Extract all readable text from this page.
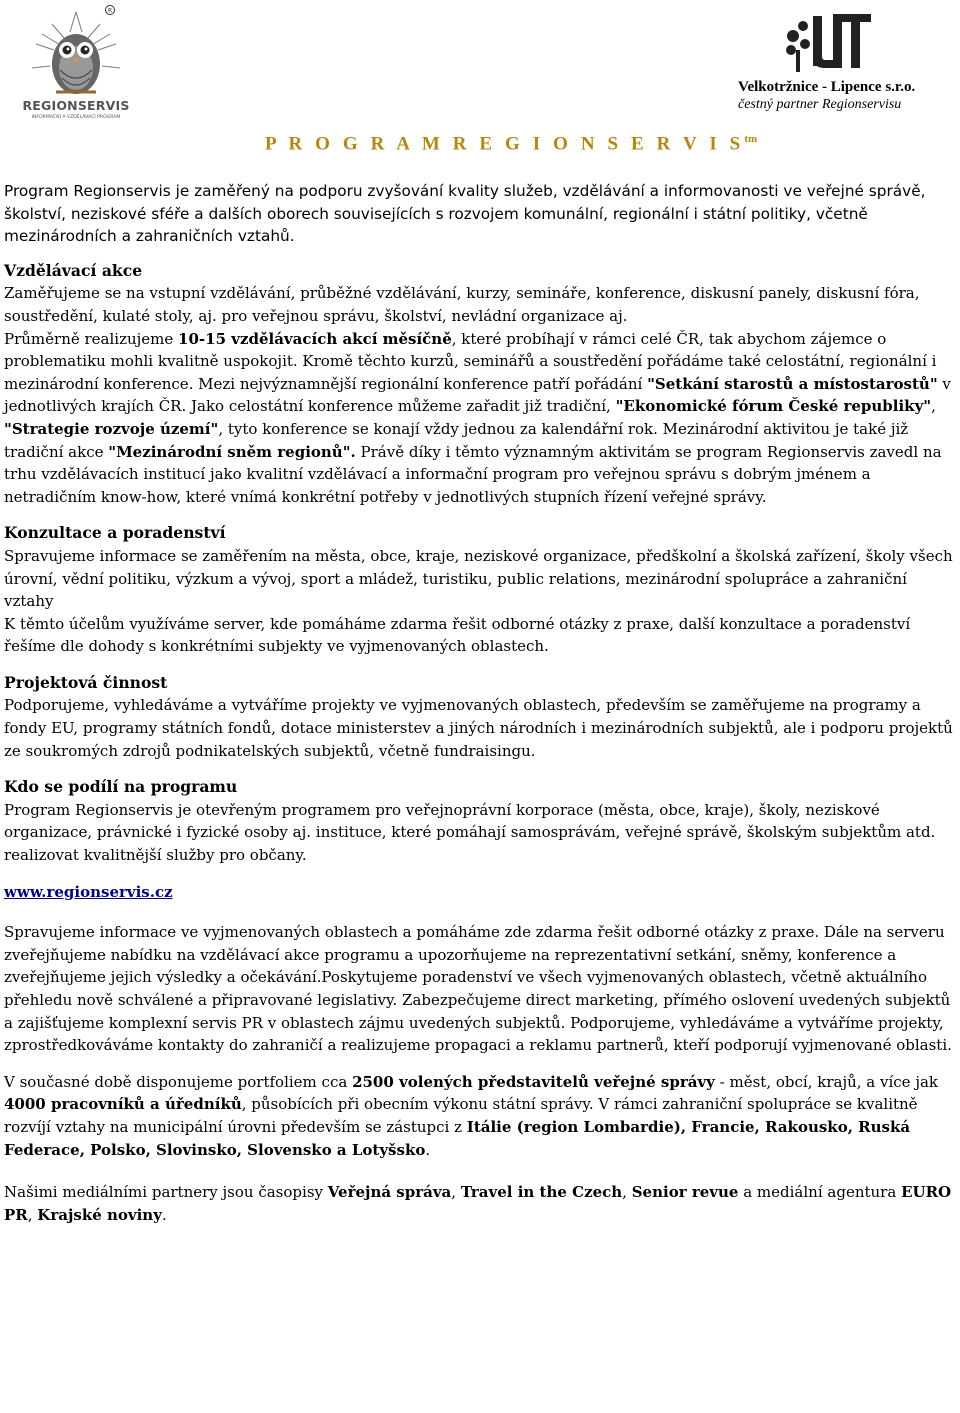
R
REGIONSERVIS
INFORMAČNÍ A VZDĚLÁVACÍ PROGRAM
VLT
Velkotržnice - Lipence s.r.o.
čestný partner Regionservisu
P R O G R A M R E G I O N S E R V I $S^{tm}$

Program Regionservis je zaměřený na podporu zvyšování kvality služeb, vzdělávání a informovanosti ve veřejné správě, školství, neziskové sféře a dalších oborech souvisejících s rozvojem komunální, regionální i státní politiky, včetně mezinárodních a zahraničních vztahů.

Vzdělávací akce

Zaměřujeme se na vstupní vzdělávání, průběžné vzdělávání, kurzy, semináře, konference, diskusní panely, diskusní fóra, soustředění, kulaté stoly, aj. pro veřejnou správu, školství, nevládní organizace aj.

Průměrně realizujeme 10-15 vzdělávacích akcí měsíčně, které probíhají v rámci celé ČR, tak abychom zájemce o problematiku mohli kvalitně uspokojit. Kromě těchto kurzů, seminářů a soustředění pořádáme také celostátní, regionální i mezinárodní konference. Mezi nejvýznamnější regionální konference patří pořádání "Setkání starostů a místostarostů" v jednotlivých krajích ČR. Jako celostátní konference můžeme zařadit již tradiční, "Ekonomické fórum České republiky", "Strategie rozvoje území", tyto konference se konají vždy jednou za kalendářní rok. Mezinárodní aktivitou je také již tradiční akce "Mezinárodní sněm regionů". Právě díky i těmto významným aktivitám se program Regionservis zavedl na trhu vzdělávacích institucí jako kvalitní vzdělávací a informační program pro veřejnou správu s dobrým jménem a netradičním know-how, které vnímá konkrétní potřeby v jednotlivých stupních řízení veřejné správy.

Konzultace a poradenství

Spravujeme informace se zaměřením na města, obce, kraje, neziskové organizace, předškolní a školská zařízení, školy všech úrovní, vědní politiku, výzkum a vývoj, sport a mládež, turistiku, public relations, mezinárodní spolupráce a zahraniční vztahy

K těmto účelům využíváme server, kde pomáháme zdarma řešit odborné otázky z praxe, další konzultace a poradenství řešíme dle dohody s konkrétními subjekty ve vyjmenovaných oblastech.

Projektová činnost

Podporujeme, vyhledáváme a vytváříme projekty ve vyjmenovaných oblastech, především se zaměřujeme na programy a fondy EU, programy státních fondů, dotace ministerstev a jiných národních i mezinárodních subjektů, ale i podporu projektů ze soukromých zdrojů podnikatelských subjektů, včetně fundraisingu.

Kdo se podílí na programu

Program Regionservis je otevřeným programem pro veřejnoprávní korporace (města, obce, kraje), školy, neziskové organizace, právnické i fyzické osoby aj. instituce, které pomáhají samosprávám, veřejné správě, školským subjektům atd. realizovat kvalitnější služby pro občany.

www.regionservis.cz

Spravujeme informace ve vyjmenovaných oblastech a pomáháme zde zdarma řešit odborné otázky z praxe. Dále na serveru zveřejňujeme nabídku na vzdělávací akce programu a upozorňujeme na reprezentativní setkání, sněmy, konference a zveřejňujeme jejich výsledky a očekávání.Poskytujeme poradenství ve všech vyjmenovaných oblastech, včetně aktuálního přehledu nově schválené a připravované legislativy. Zabezpečujeme direct marketing, přímého oslovení uvedených subjektů a zajišťujeme komplexní servis PR v oblastech zájmu uvedených subjektů. Podporujeme, vyhledáváme a vytváříme projekty, zprostředkováváme kontakty do zahraničí a realizujeme propagaci a reklamu partnerů, kteří podporují vyjmenované oblasti.

V současné době disponujeme portfoliem cca 2500 volených představitelů veřejné správy - měst, obcí, krajů, a více jak 4000 pracovníků a úředníků, působících při obecním výkonu státní správy. V rámci zahraniční spolupráce se kvalitně rozvíjí vztahy na municipální úrovni především se zástupci z Itálie (region Lombardie), Francie, Rakousko, Ruská Federace, Polsko, Slovinsko, Slovensko a Lotyšsko.

Našimi mediálními partnery jsou časopisy Veřejná správa, Travel in the Czech, Senior revue a mediální agentura EURO PR, Krajské noviny.
